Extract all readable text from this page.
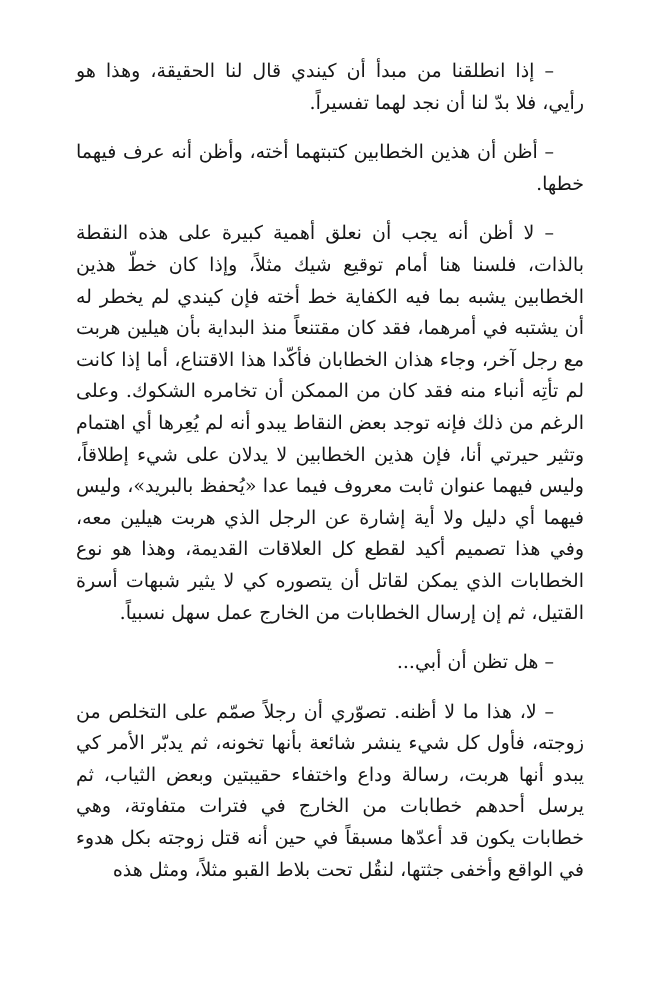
– إذا انطلقنا من مبدأ أن كيندي قال لنا الحقيقة، وهذا هو رأيي، فلا بدّ لنا أن نجد لهما تفسيراً.

– أظن أن هذين الخطابين كتبتهما أخته، وأظن أنه عرف فيهما خطها.

– لا أظن أنه يجب أن نعلق أهمية كبيرة على هذه النقطة بالذات، فلسنا هنا أمام توقيع شيك مثلاً، وإذا كان خطّ هذين الخطابين يشبه بما فيه الكفاية خط أخته فإن كيندي لم يخطر له أن يشتبه في أمرهما، فقد كان مقتنعاً منذ البداية بأن هيلين هربت مع رجل آخر، وجاء هذان الخطابان فأكّدا هذا الاقتناع، أما إذا كانت لم تأتِه أنباء منه فقد كان من الممكن أن تخامره الشكوك. وعلى الرغم من ذلك فإنه توجد بعض النقاط يبدو أنه لم يُعِرها أي اهتمام وتثير حيرتي أنا، فإن هذين الخطابين لا يدلان على شيء إطلاقاً، وليس فيهما عنوان ثابت معروف فيما عدا «يُحفظ بالبريد»، وليس فيهما أي دليل ولا أية إشارة عن الرجل الذي هربت هيلين معه، وفي هذا تصميم أكيد لقطع كل العلاقات القديمة، وهذا هو نوع الخطابات الذي يمكن لقاتل أن يتصوره كي لا يثير شبهات أسرة القتيل، ثم إن إرسال الخطابات من الخارج عمل سهل نسبياً.

– هل تظن أن أبي...

– لا، هذا ما لا أظنه. تصوّري أن رجلاً صمّم على التخلص من زوجته، فأول كل شيء ينشر شائعة بأنها تخونه، ثم يدبّر الأمر كي يبدو أنها هربت، رسالة وداع واختفاء حقيبتين وبعض الثياب، ثم يرسل أحدهم خطابات من الخارج في فترات متفاوتة، وهي خطابات يكون قد أعدّها مسبقاً في حين أنه قتل زوجته بكل هدوء في الواقع وأخفى جثتها، لنقُل تحت بلاط القبو مثلاً، ومثل هذه
